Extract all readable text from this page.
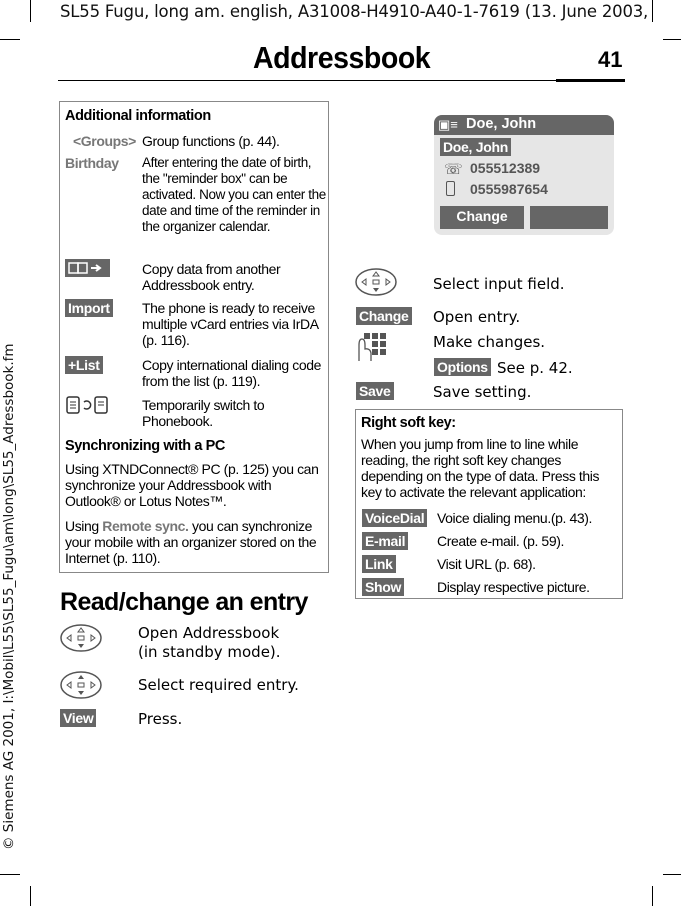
SL55 Fugu, long am. english, A31008-H4910-A40-1-7619 (13. June 2003,
Addressbook	41
© Siemens AG 2001, I:\Mobil\L55\SL55_Fugu\am\long\SL55_Adressbook.fm
Additional information
<Groups> Group functions (p. 44).
Birthday After entering the date of birth, the "reminder box" can be activated. Now you can enter the date and time of the reminder in the organizer calendar.
Copy data from another Addressbook entry.
Import The phone is ready to receive multiple vCard entries via IrDA (p. 116).
+List	Copy international dialing code from the list (p. 119).
Temporarily switch to Phonebook.
Synchronizing with a PC
Using XTNDConnect® PC (p. 125) you can synchronize your Addressbook with Outlook® or Lotus Notes™.
Using Remote sync. you can synchronize your mobile with an organizer stored on the Internet (p. 110).
Read/change an entry
Open Addressbook
(in standby mode).
Select required entry.
View	Press.
▣≡ Doe, John
Doe, John
☏ 055512389
0555987654
Change
Select input field.
Change Open entry.
Make changes.
Options See p. 42.
Save	Save setting.
Right soft key:
When you jump from line to line while reading, the right soft key changes depending on the type of data. Press this key to activate the relevant application:
VoiceDial Voice dialing menu.(p. 43).
E-mail Create e-mail. (p. 59).
Link	Visit URL (p. 68).
Show	Display respective picture.
